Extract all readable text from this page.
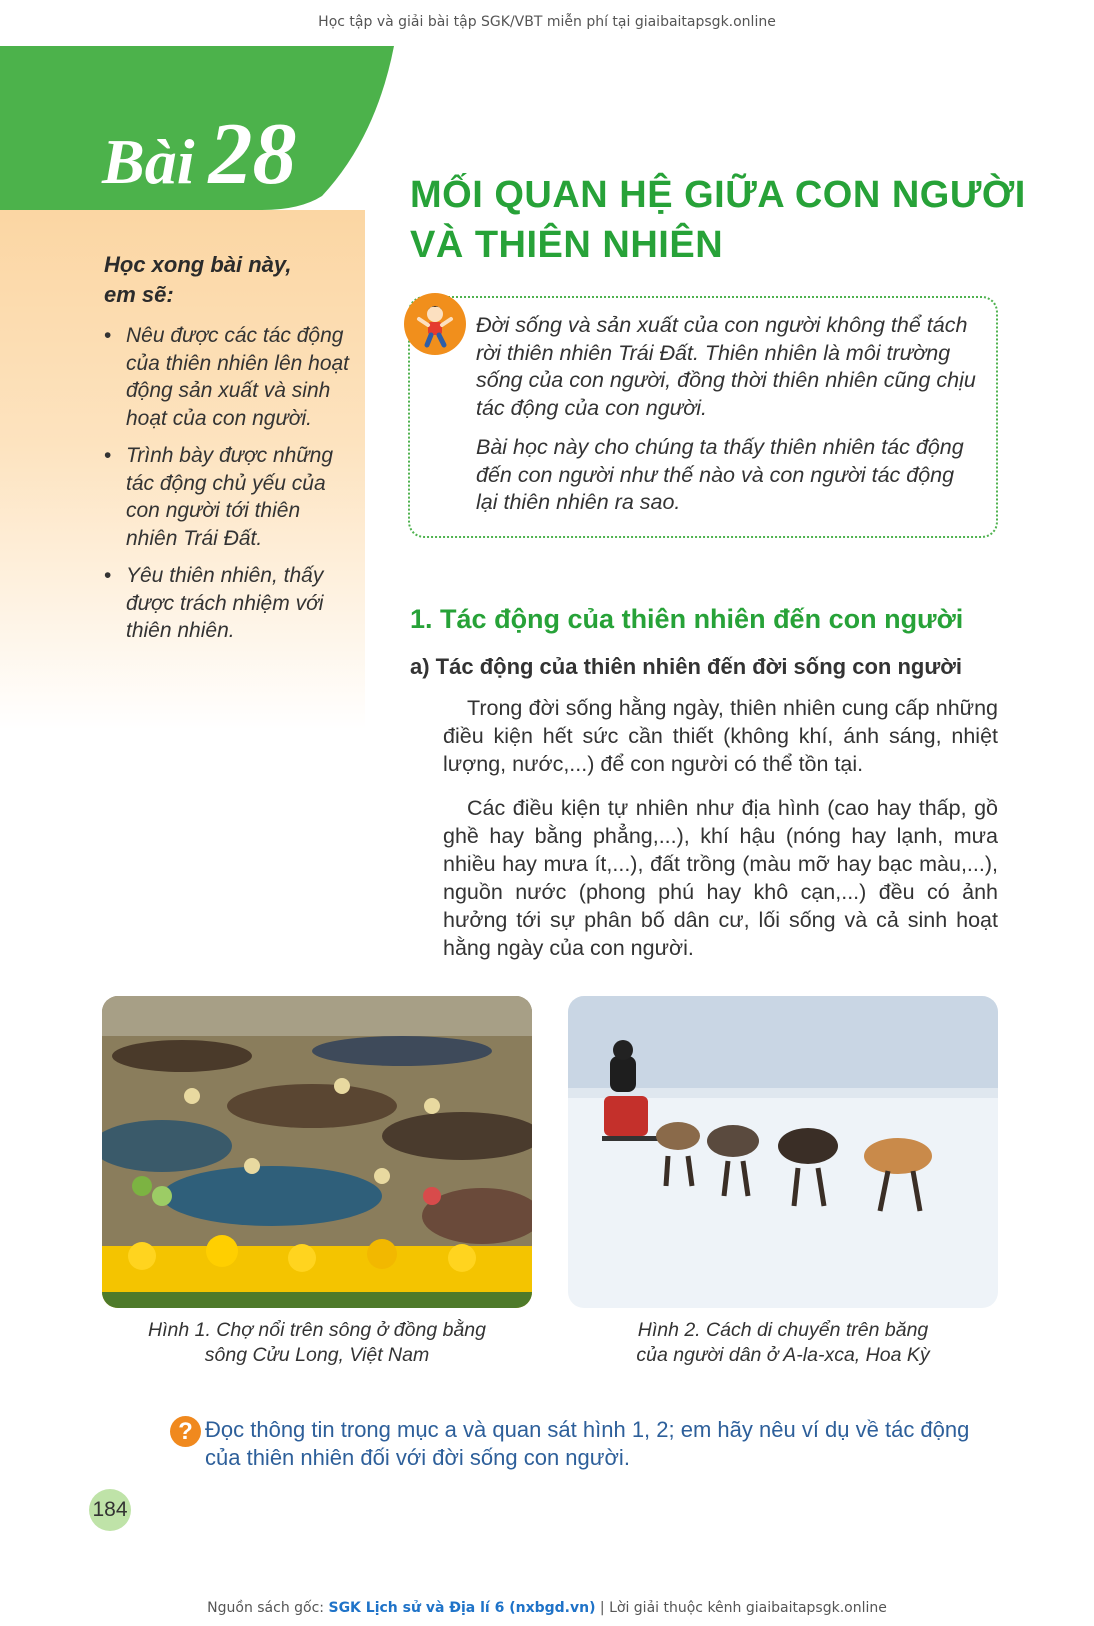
Học tập và giải bài tập SGK/VBT miễn phí tại giaibaitapsgk.online
Bài 28	MỐI QUAN HỆ GIỮA CON NGƯỜI
VÀ THIÊN NHIÊN
Học xong bài này,
em sẽ:
• Nêu được các tác động của thiên nhiên lên hoạt động sản xuất và sinh hoạt của con người.
• Trình bày được những tác động chủ yếu của con người tới thiên nhiên Trái Đất.
• Yêu thiên nhiên, thấy được trách nhiệm với thiên nhiên.

Đời sống và sản xuất của con người không thể tách rời thiên nhiên Trái Đất. Thiên nhiên là môi trường sống của con người, đồng thời thiên nhiên cũng chịu tác động của con người.

Bài học này cho chúng ta thấy thiên nhiên tác động đến con người như thế nào và con người tác động lại thiên nhiên ra sao.

1. Tác động của thiên nhiên đến con người
a) Tác động của thiên nhiên đến đời sống con người

Trong đời sống hằng ngày, thiên nhiên cung cấp những điều kiện hết sức cần thiết (không khí, ánh sáng, nhiệt lượng, nước,...) để con người có thể tồn tại.

Các điều kiện tự nhiên như địa hình (cao hay thấp, gồ ghề hay bằng phẳng,...), khí hậu (nóng hay lạnh, mưa nhiều hay mưa ít,...), đất trồng (màu mỡ hay bạc màu,...), nguồn nước (phong phú hay khô cạn,...) đều có ảnh hưởng tới sự phân bố dân cư, lối sống và cả sinh hoạt hằng ngày của con người.

Hình 1. Chợ nổi trên sông ở đồng bằng
sông Cửu Long, Việt Nam
Hình 2. Cách di chuyển trên băng
của người dân ở A-la-xca, Hoa Kỳ
? Đọc thông tin trong mục a và quan sát hình 1, 2; em hãy nêu ví dụ về tác động
của thiên nhiên đối với đời sống con người.
184
Nguồn sách gốc: SGK Lịch sử và Địa lí 6 (nxbgd.vn) | Lời giải thuộc kênh giaibaitapsgk.online
